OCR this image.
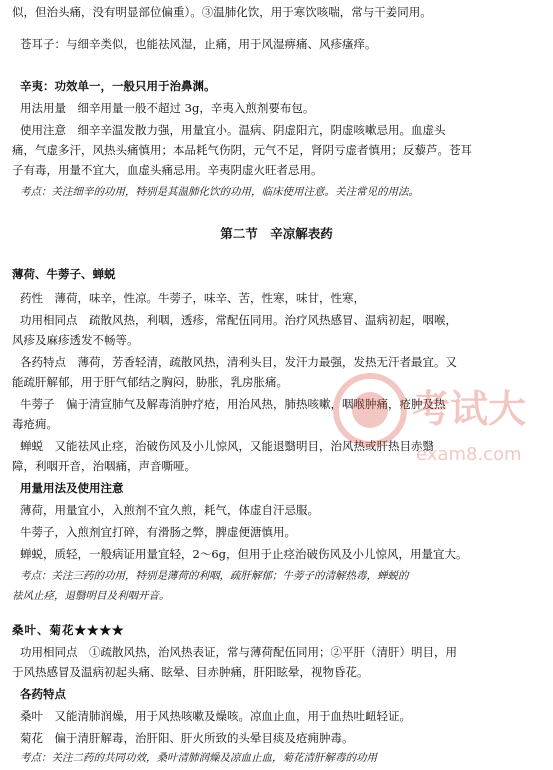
似，但治头痛，没有明显部位偏重）。③温肺化饮，用于寒饮咳喘，常与干姜同用。
苍耳子：与细辛类似，也能祛风湿，止痛，用于风湿痹痛、风疹瘙痒。
辛夷：功效单一，一般只用于治鼻渊。
用法用量　细辛用量一般不超过 3g，辛夷入煎剂要布包。
使用注意　细辛辛温发散力强，用量宜小。温病、阴虚阳亢，阴虚咳嗽忌用。血虚头
痛，气虚多汗，风热头痛慎用；本品耗气伤阴，元气不足，肾阴亏虚者慎用；反藜芦。苍耳
子有毒，用量不宜大，血虚头痛忌用。辛夷阴虚火旺者忌用。
考点：关注细辛的功用，特别是其温肺化饮的功用，临床使用注意。关注常见的用法。
第二节　辛凉解表药
薄荷、牛蒡子、蝉蜕
药性　薄荷，味辛，性凉。牛蒡子，味辛、苦，性寒，味甘，性寒，
功用相同点　疏散风热，利咽，透疹，常配伍同用。治疗风热感冒、温病初起，咽喉，
风疹及麻疹透发不畅等。
各药特点　薄荷，芳香轻清，疏散风热，清利头目，发汗力最强，发热无汗者最宜。又
能疏肝解郁，用于肝气郁结之胸闷，胁胀，乳房胀痛。
牛蒡子　偏于清宣肺气及解毒消肿疗疮，用治风热，肺热咳嗽，咽喉肿痛，疮肿及热
毒疮痈。
蝉蜕　又能祛风止痉，治破伤风及小儿惊风，又能退翳明目，治风热或肝热目赤翳
障，利咽开音，治咽痛，声音嘶哑。
用量用法及使用注意
薄荷，用量宜小，入煎剂不宜久煎，耗气，体虚自汗忌服。
牛蒡子，入煎剂宜打碎，有滑肠之弊，脾虚便溏慎用。
蝉蜕，质轻，一般病证用量宜轻，2～6g，但用于止痉治破伤风及小儿惊风，用量宜大。
考点：关注三药的功用，特别是薄荷的利咽，疏肝解郁；牛蒡子的清解热毒，蝉蜕的
祛风止痉，退翳明目及利咽开音。
桑叶、菊花★★★★
功用相同点　①疏散风热，治风热表证，常与薄荷配伍同用；②平肝（清肝）明目，用
于风热感冒及温病初起头痛、眩晕、目赤肿痛，肝阳眩晕，视物昏花。
各药特点
桑叶　又能清肺润燥，用于风热咳嗽及燥咳。凉血止血，用于血热吐衄轻证。
菊花　偏于清肝解毒，治肝阳、肝火所致的头晕目痰及疮痈肿毒。
考点：关注二药的共同功效，桑叶清肺润燥及凉血止血，菊花清肝解毒的功用
考试大
exam8.com
